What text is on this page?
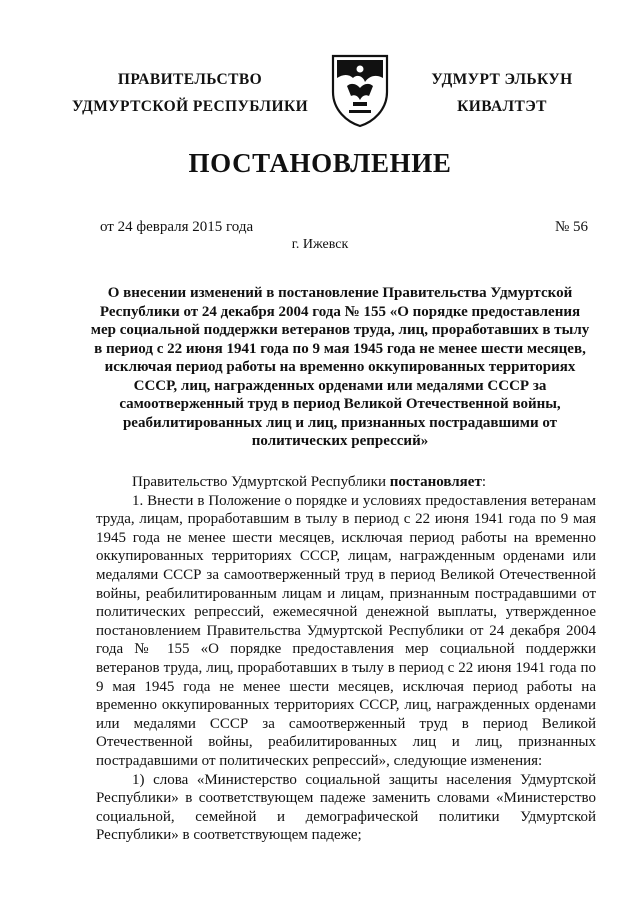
ПРАВИТЕЛЬСТВО
УДМУРТСКОЙ РЕСПУБЛИКИ
УДМУРТ ЭЛЬКУН
КИВАЛТЭТ
ПОСТАНОВЛЕНИЕ
от 24 февраля 2015 года	№ 56
г. Ижевск
О внесении изменений в постановление Правительства Удмуртской Республики от 24 декабря 2004 года № 155 «О порядке предоставления мер социальной поддержки ветеранов труда, лиц, проработавших в тылу в период с 22 июня 1941 года по 9 мая 1945 года не менее шести месяцев, исключая период работы на временно оккупированных территориях СССР, лиц, награжденных орденами или медалями СССР за самоотверженный труд в период Великой Отечественной войны, реабилитированных лиц и лиц, признанных пострадавшими от политических репрессий»

Правительство Удмуртской Республики постановляет:

1. Внести в Положение о порядке и условиях предоставления ветеранам труда, лицам, проработавшим в тылу в период с 22 июня 1941 года по 9 мая 1945 года не менее шести месяцев, исключая период работы на временно оккупированных территориях СССР, лицам, награжденным орденами или медалями СССР за самоотверженный труд в период Великой Отечественной войны, реабилитированным лицам и лицам, признанным пострадавшими от политических репрессий, ежемесячной денежной выплаты, утвержденное постановлением Правительства Удмуртской Республики от 24 декабря 2004 года № 155 «О порядке предоставления мер социальной поддержки ветеранов труда, лиц, проработавших в тылу в период с 22 июня 1941 года по 9 мая 1945 года не менее шести месяцев, исключая период работы на временно оккупированных территориях СССР, лиц, награжденных орденами или медалями СССР за самоотверженный труд в период Великой Отечественной войны, реабилитированных лиц и лиц, признанных пострадавшими от политических репрессий», следующие изменения:

1) слова «Министерство социальной защиты населения Удмуртской Республики» в соответствующем падеже заменить словами «Министерство социальной, семейной и демографической политики Удмуртской Республики» в соответствующем падеже;
